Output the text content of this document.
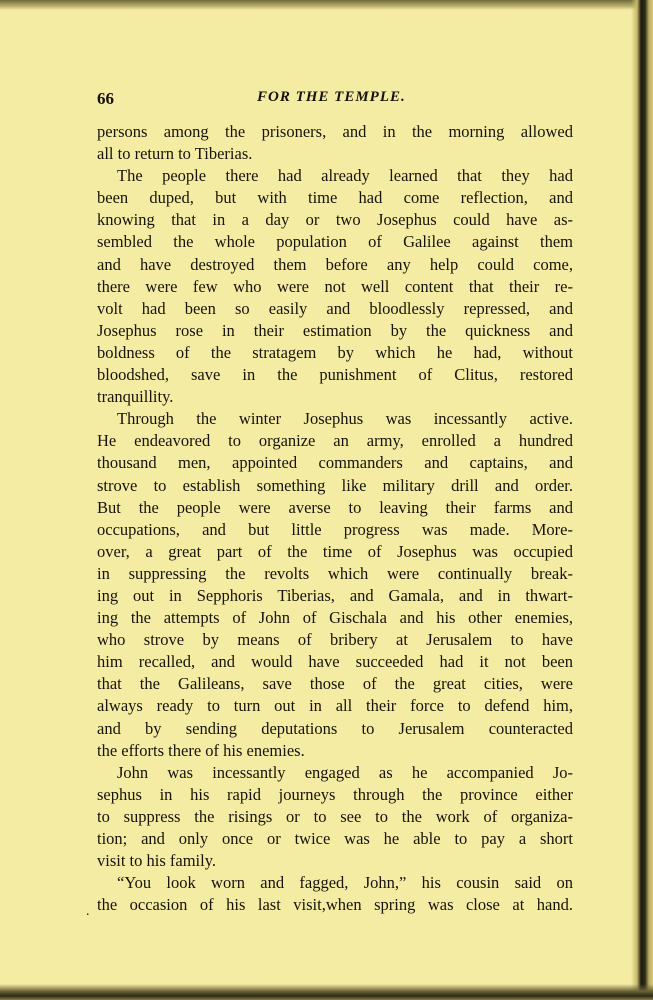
66	FOR THE TEMPLE.
.
persons among the prisoners, and in the morning allowed
all to return to Tiberias.
The people there had already learned that they had
been duped, but with time had come reflection, and
knowing that in a day or two Josephus could have as-
sembled the whole population of Galilee against them
and have destroyed them before any help could come,
there were few who were not well content that their re-
volt had been so easily and bloodlessly repressed, and
Josephus rose in their estimation by the quickness and
boldness of the stratagem by which he had, without
bloodshed, save in the punishment of Clitus, restored
tranquillity.
Through the winter Josephus was incessantly active.
He endeavored to organize an army, enrolled a hundred
thousand men, appointed commanders and captains, and
strove to establish something like military drill and order.
But the people were averse to leaving their farms and
occupations, and but little progress was made. More-
over, a great part of the time of Josephus was occupied
in suppressing the revolts which were continually break-
ing out in Sepphoris Tiberias, and Gamala, and in thwart-
ing the attempts of John of Gischala and his other enemies,
who strove by means of bribery at Jerusalem to have
him recalled, and would have succeeded had it not been
that the Galileans, save those of the great cities, were
always ready to turn out in all their force to defend him,
and by sending deputations to Jerusalem counteracted
the efforts there of his enemies.
John was incessantly engaged as he accompanied Jo-
sephus in his rapid journeys through the province either
to suppress the risings or to see to the work of organiza-
tion; and only once or twice was he able to pay a short
visit to his family.
“You look worn and fagged, John,” his cousin said on
the occasion of his last visit,when spring was close at hand.
